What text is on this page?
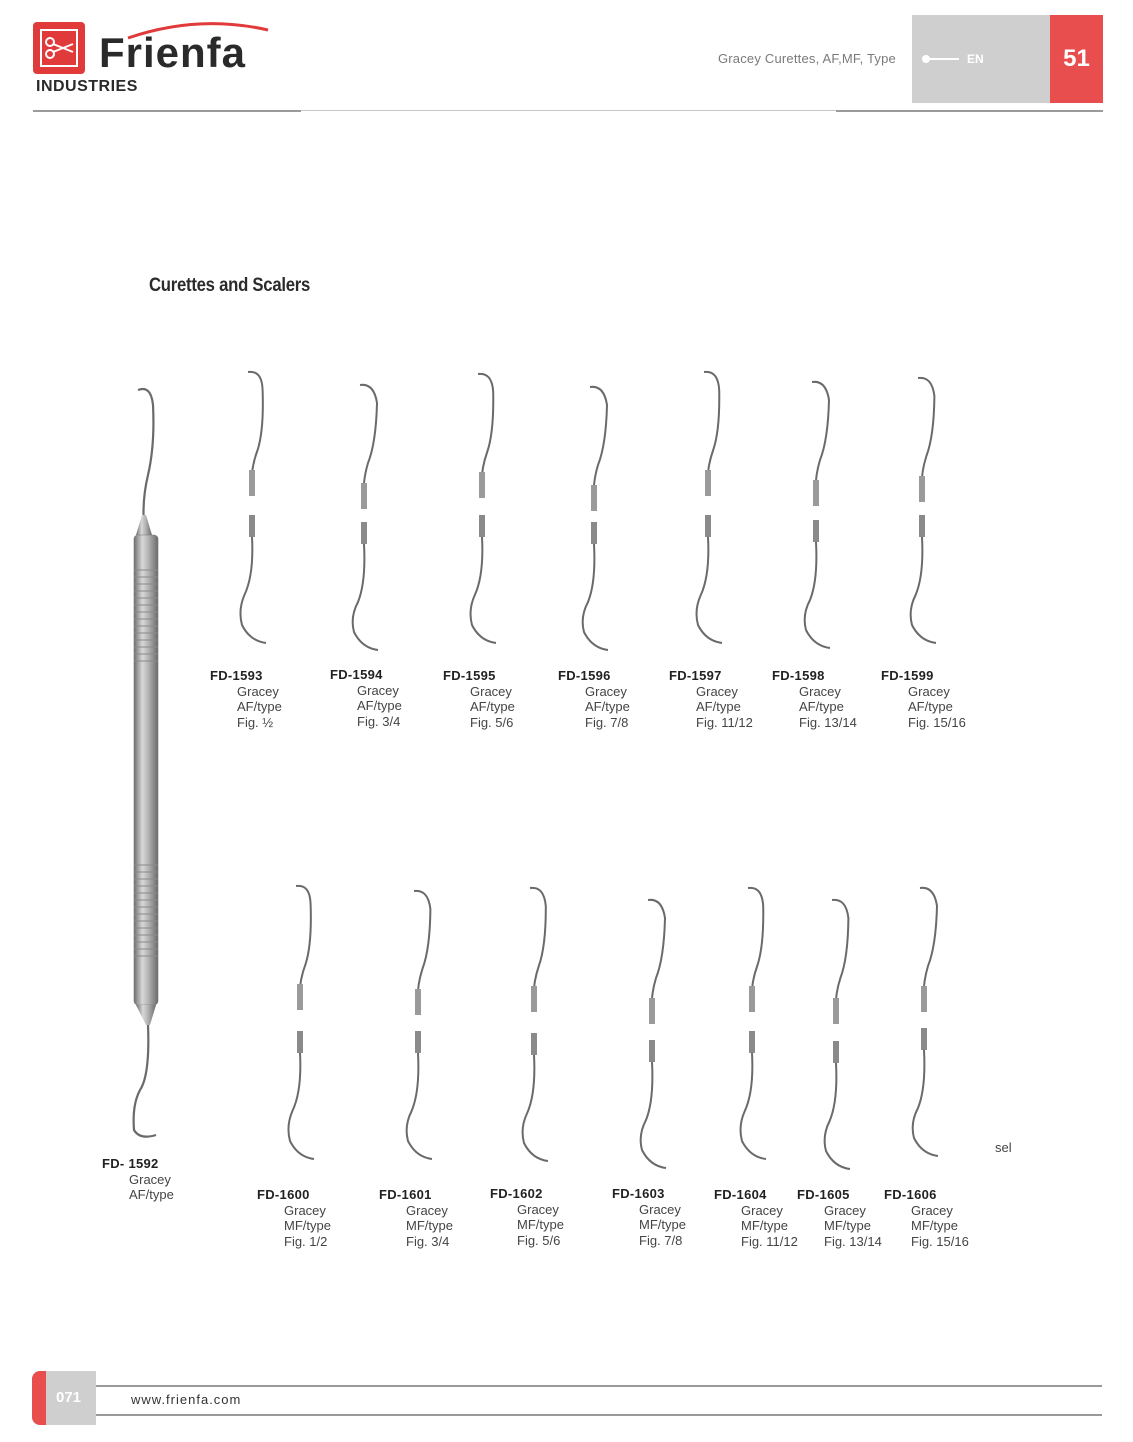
Frienfa
INDUSTRIES
Gracey Curettes, AF,MF, Type	EN	51
Curettes and Scalers
FD- 1592
Gracey
AF/type
FD-1593
Gracey
AF/type
Fig. ½
FD-1594
Gracey
AF/type
Fig. 3/4
FD-1595
Gracey
AF/type
Fig. 5/6
FD-1596
Gracey
AF/type
Fig. 7/8
FD-1597
Gracey
AF/type
Fig. 11/12
FD-1598
Gracey
AF/type
Fig. 13/14
FD-1599
Gracey
AF/type
Fig. 15/16
FD-1600
Gracey
MF/type
Fig. 1/2
FD-1601
Gracey
MF/type
Fig. 3/4
FD-1602
Gracey
MF/type
Fig. 5/6
FD-1603
Gracey
MF/type
Fig. 7/8
FD-1604
Gracey
MF/type
Fig. 11/12
FD-1605
Gracey
MF/type
Fig. 13/14
FD-1606
Gracey
MF/type
Fig. 15/16
sel
071	www.frienfa.com
